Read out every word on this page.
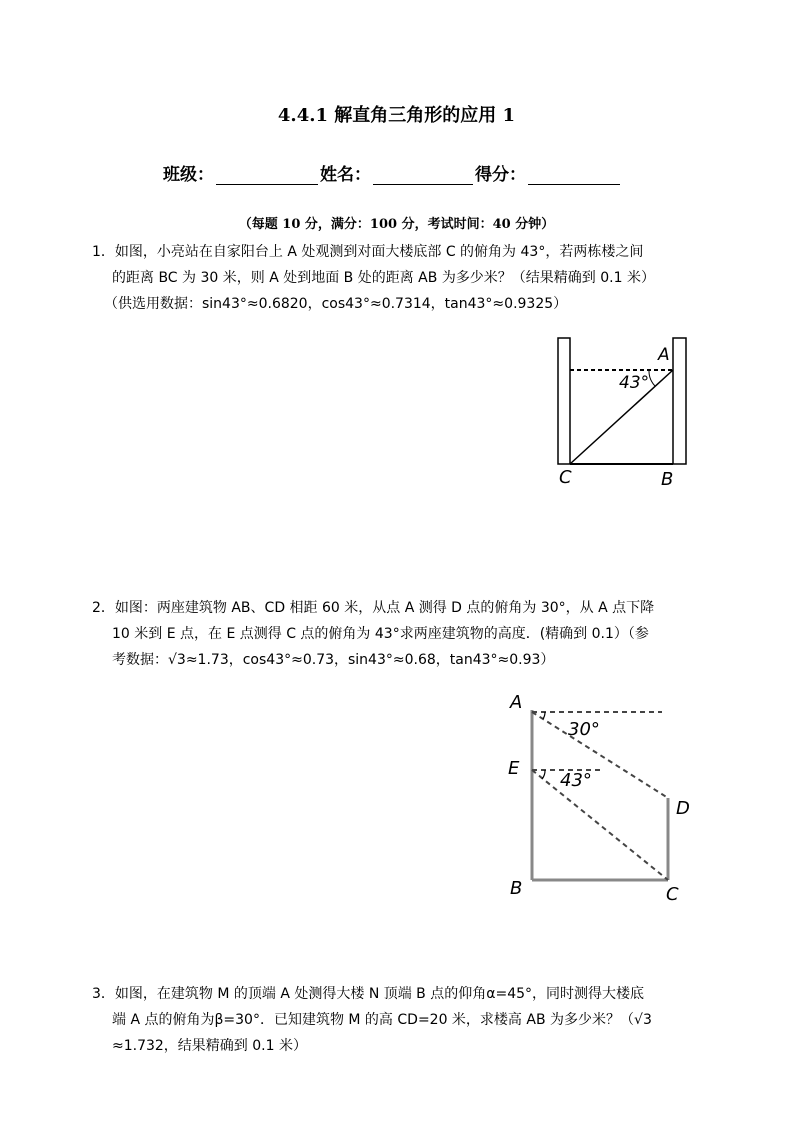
4.4.1 解直角三角形的应用 1
班级：	姓名：	得分：
（每题 10 分，满分：100 分，考试时间：40 分钟）
1．如图，小亮站在自家阳台上 A 处观测到对面大楼底部 C 的俯角为 43°，若两栋楼之间
的距离 BC 为 30 米，则 A 处到地面 B 处的距离 AB 为多少米？（结果精确到 0.1 米）
（供选用数据：sin43°≈0.6820，cos43°≈0.7314，tan43°≈0.9325）
A
43°
C	B
2．如图：两座建筑物 AB、CD 相距 60 米，从点 A 测得 D 点的俯角为 30°，从 A 点下降
10 米到 E 点，在 E 点测得 C 点的俯角为 43°求两座建筑物的高度．(精确到 0.1）（参
考数据：√3≈1.73，cos43°≈0.73，sin43°≈0.68，tan43°≈0.93）
A
30°
E
43°
D
B	C
3．如图，在建筑物 M 的顶端 A 处测得大楼 N 顶端 B 点的仰角α=45°，同时测得大楼底
端 A 点的俯角为β=30°．已知建筑物 M 的高 CD=20 米，求楼高 AB 为多少米？（√3
≈1.732，结果精确到 0.1 米）
